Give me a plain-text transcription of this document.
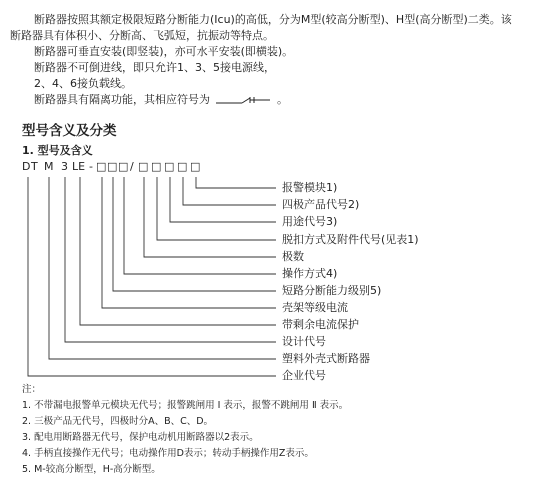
断路器按照其额定极限短路分断能力(Icu)的高低，分为M型(较高分断型)、H型(高分断型)二类。该
断路器具有体积小、分断高、飞弧短，抗振动等特点。
断路器可垂直安装(即竖装)，亦可水平安装(即横装)。
断路器不可倒进线，即只允许1、3、5接电源线，
2、4、6接负载线。
断路器具有隔离功能，其相应符号为	。
型号含义及分类
1. 型号及含义
D T M 3 LE - □ □ □ / □ □ □ □ □
报警模块1)
四极产品代号2)
用途代号3)
脱扣方式及附件代号(见表1)
极数
操作方式4)
短路分断能力级别5)
壳架等级电流
带剩余电流保护
设计代号
塑料外壳式断路器
企业代号
注：
1. 不带漏电报警单元模块无代号；报警跳闸用 Ⅰ 表示，报警不跳闸用 Ⅱ 表示。
2. 三极产品无代号，四极时分A、B、C、D。
3. 配电用断路器无代号，保护电动机用断路器以2表示。
4. 手柄直接操作无代号；电动操作用D表示；转动手柄操作用Z表示。
5. M-较高分断型，H-高分断型。
